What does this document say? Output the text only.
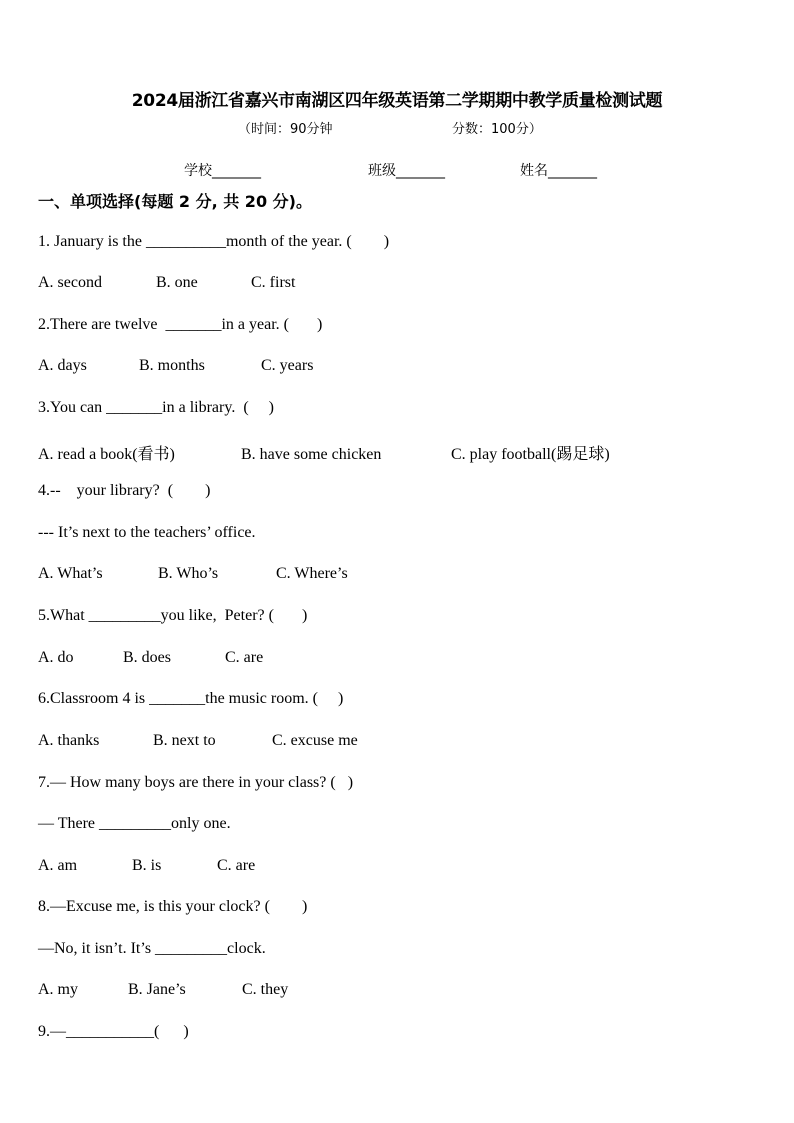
2024届浙江省嘉兴市南湖区四年级英语第二学期期中教学质量检测试题
（时间：90分钟	分数：100分）
学校_______	班级_______	姓名_______
一、单项选择(每题 2 分, 共 20 分)。
1. January is the __________month of the year. (        )
A. second	B. one	C. first
2.There are twelve  _______in a year. (       )
A. days	B. months	C. years
3.You can _______in a library.  (     )
A. read a book(看书)	B. have some chicken	C. play football(踢足球)
4.--    your library?  (        )
--- It’s next to the teachers’ office.
A. What’s	B. Who’s	C. Where’s
5.What _________you like,  Peter? (       )
A. do	B. does	C. are
6.Classroom 4 is _______the music room. (     )
A. thanks	B. next to	C. excuse me
7.— How many boys are there in your class? (   )
— There _________only one.
A. am	B. is	C. are
8.—Excuse me, is this your clock? (        )
—No, it isn’t. It’s _________clock.
A. my	B. Jane’s	C. they
9.—___________(      )
